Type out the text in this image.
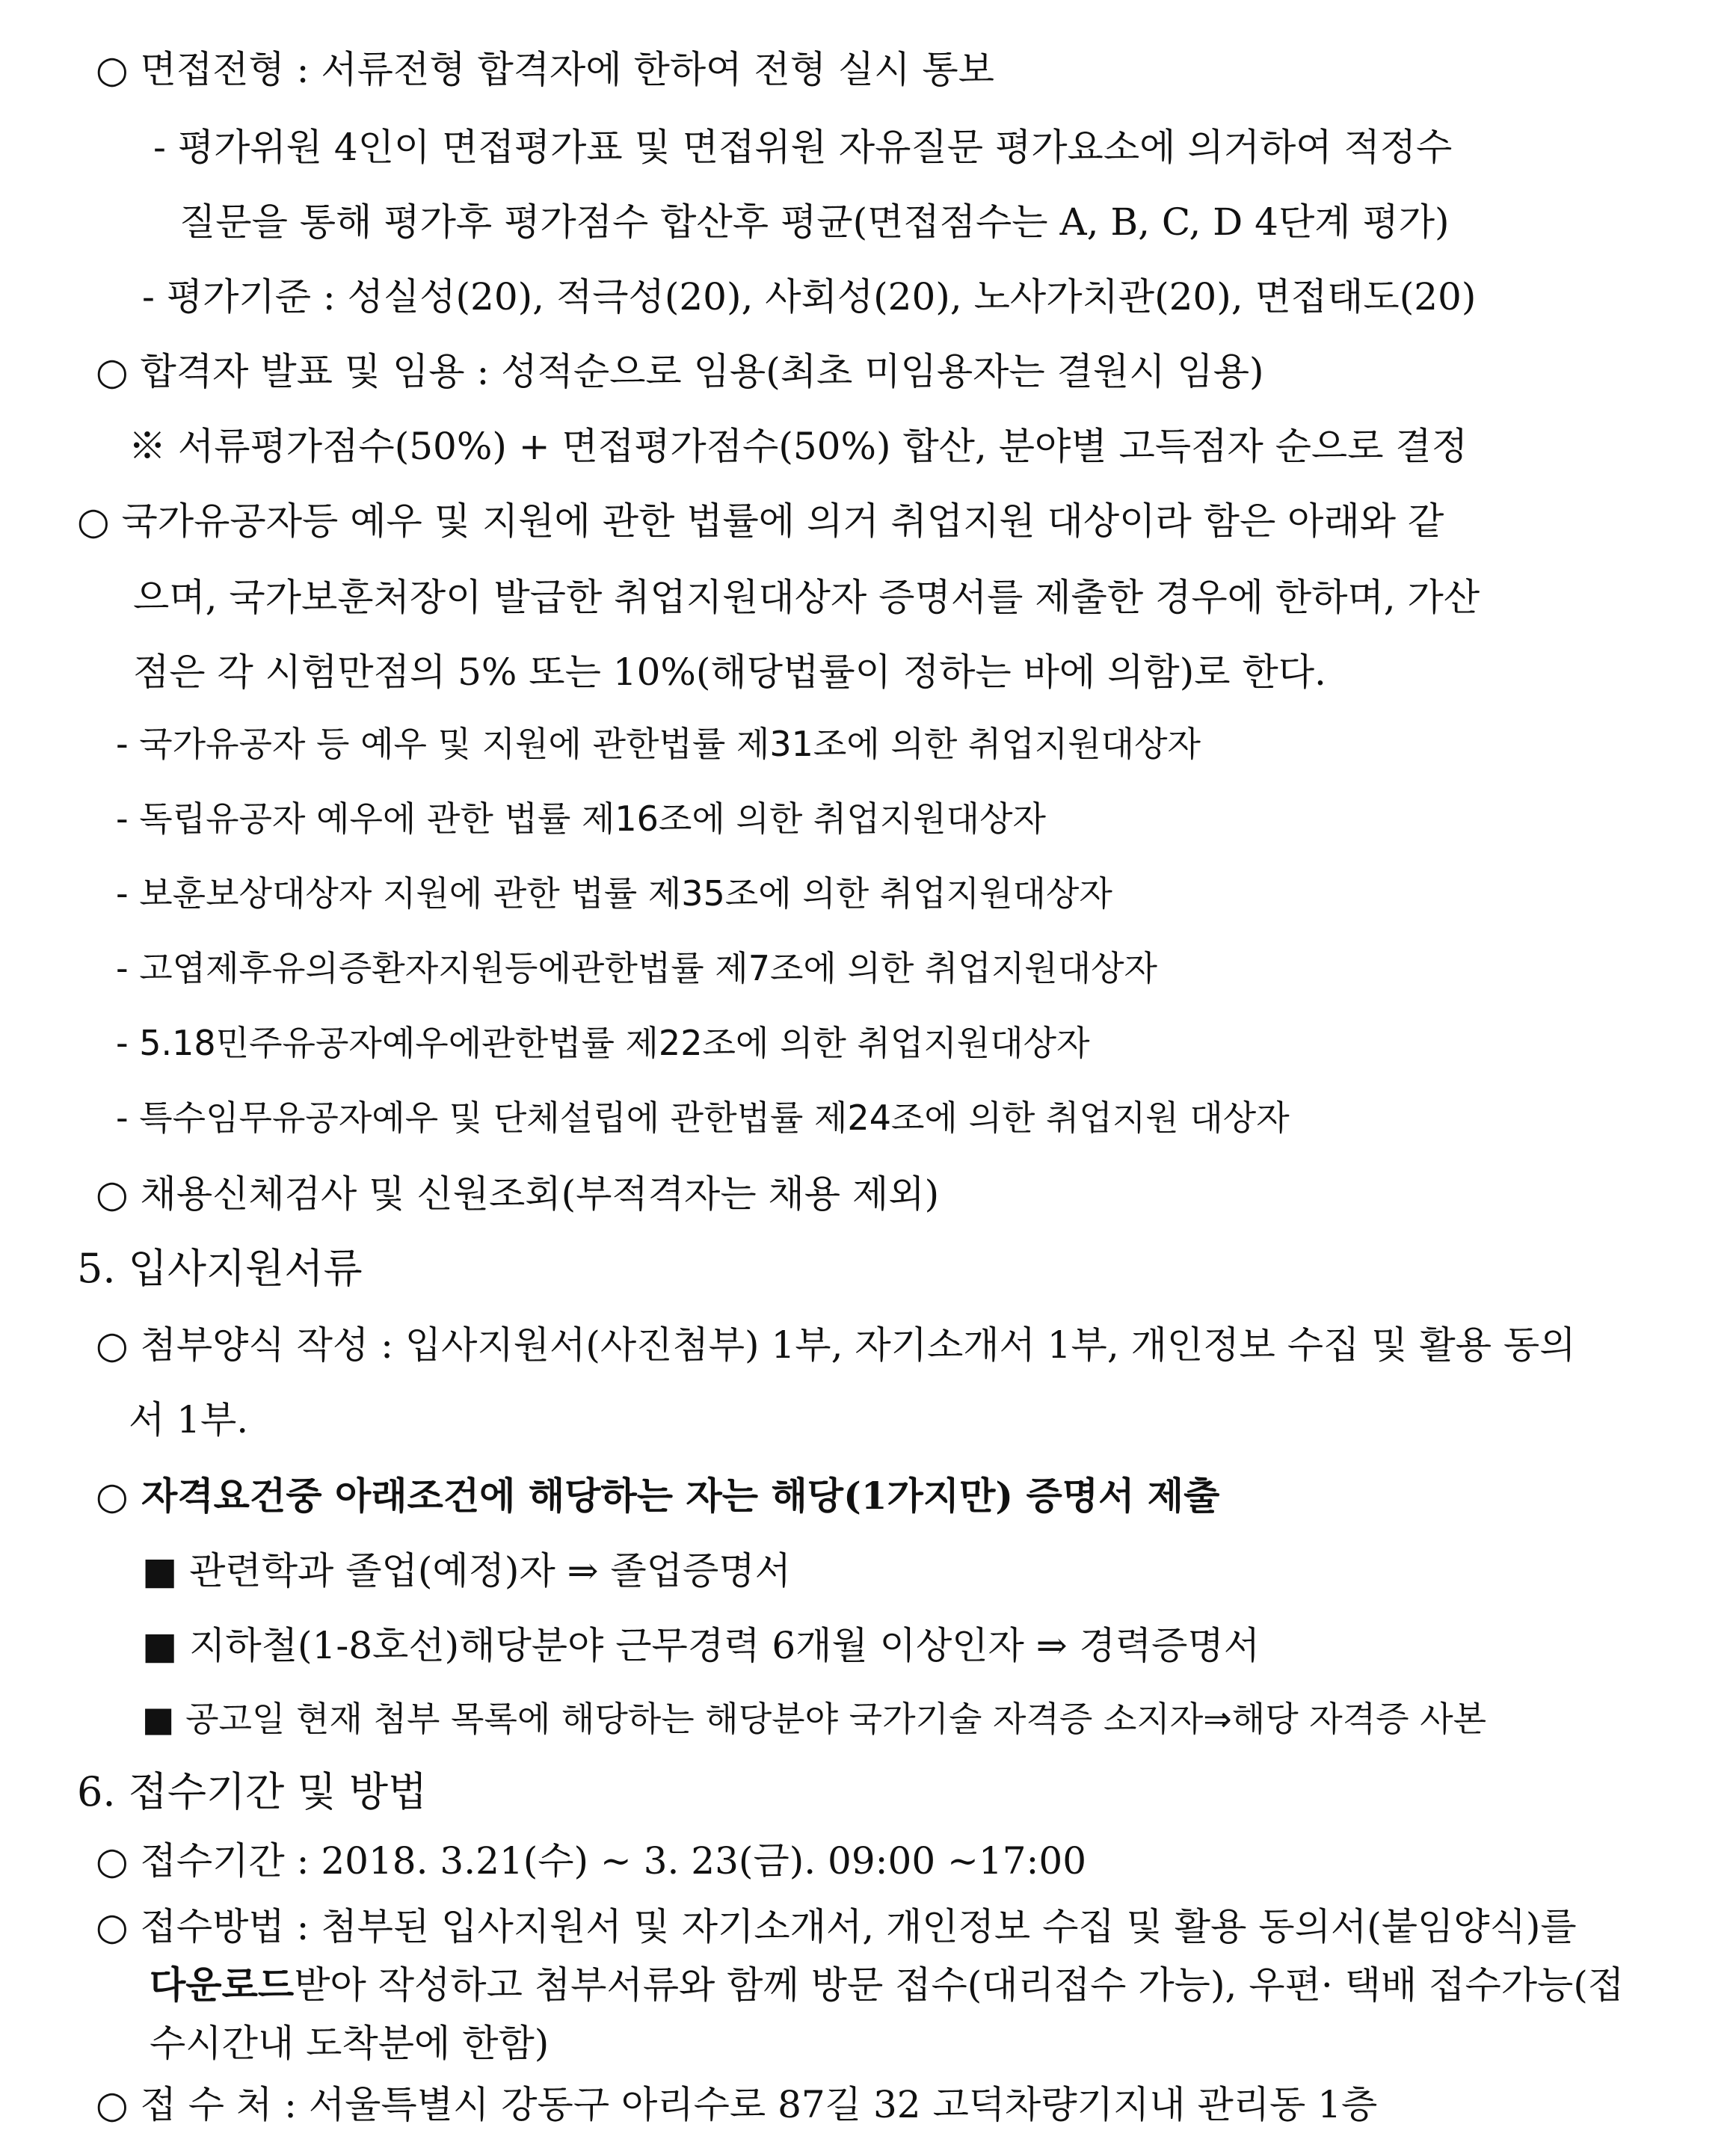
○ 면접전형 : 서류전형 합격자에 한하여 전형 실시 통보
- 평가위원 4인이 면접평가표 및 면접위원 자유질문 평가요소에 의거하여 적정수
질문을 통해 평가후 평가점수 합산후 평균(면접점수는 A, B, C, D 4단계 평가)
- 평가기준 : 성실성(20), 적극성(20), 사회성(20), 노사가치관(20), 면접태도(20)
○ 합격자 발표 및 임용 : 성적순으로 임용(최초 미임용자는 결원시 임용)
※ 서류평가점수(50%) + 면접평가점수(50%) 합산, 분야별 고득점자 순으로 결정
○ 국가유공자등 예우 및 지원에 관한 법률에 의거 취업지원 대상이라 함은 아래와 같
으며, 국가보훈처장이 발급한 취업지원대상자 증명서를 제출한 경우에 한하며, 가산
점은 각 시험만점의 5% 또는 10%(해당법률이 정하는 바에 의함)로 한다.
- 국가유공자 등 예우 및 지원에 관한법률 제31조에 의한 취업지원대상자
- 독립유공자 예우에 관한 법률 제16조에 의한 취업지원대상자
- 보훈보상대상자 지원에 관한 법률 제35조에 의한 취업지원대상자
- 고엽제후유의증환자지원등에관한법률 제7조에 의한 취업지원대상자
- 5.18민주유공자예우에관한법률 제22조에 의한 취업지원대상자
- 특수임무유공자예우 및 단체설립에 관한법률 제24조에 의한 취업지원 대상자
○ 채용신체검사 및 신원조회(부적격자는 채용 제외)
5. 입사지원서류
○ 첨부양식 작성 : 입사지원서(사진첨부) 1부, 자기소개서 1부, 개인정보 수집 및 활용 동의
서 1부.
○ 자격요건중 아래조건에 해당하는 자는 해당(1가지만) 증명서 제출
■ 관련학과 졸업(예정)자 ⇒ 졸업증명서
■ 지하철(1-8호선)해당분야 근무경력 6개월 이상인자 ⇒ 경력증명서
■ 공고일 현재 첨부 목록에 해당하는 해당분야 국가기술 자격증 소지자⇒해당 자격증 사본
6. 접수기간 및 방법
○ 접수기간 : 2018. 3.21(수) ~ 3. 23(금). 09:00 ~17:00
○ 접수방법 : 첨부된 입사지원서 및 자기소개서, 개인정보 수집 및 활용 동의서(붙임양식)를
다운로드받아 작성하고 첨부서류와 함께 방문 접수(대리접수 가능), 우편· 택배 접수가능(접
수시간내 도착분에 한함)
○ 접 수 처 : 서울특별시 강동구 아리수로 87길 32 고덕차량기지내 관리동 1층
